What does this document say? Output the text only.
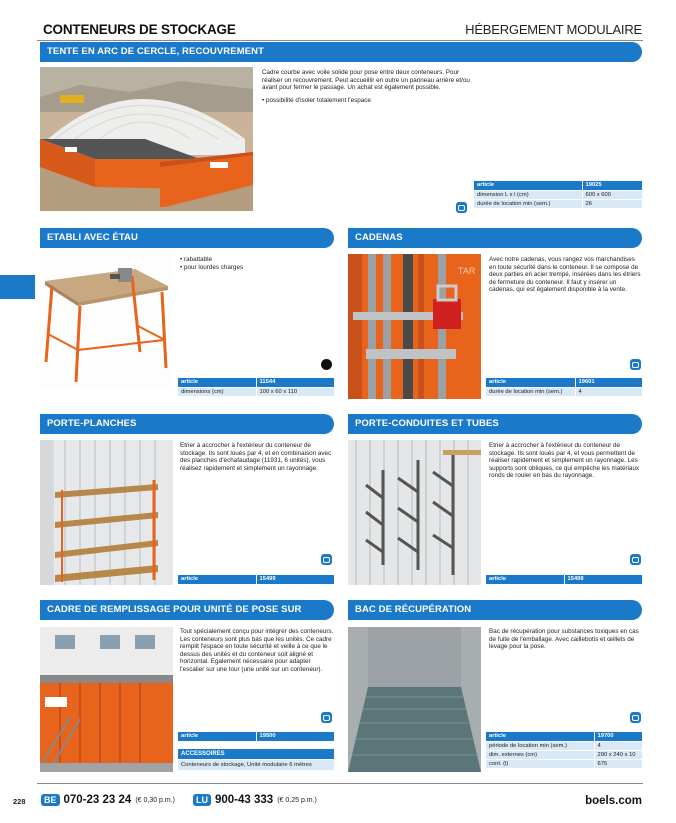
CONTENEURS DE STOCKAGE	HÉBERGEMENT MODULAIRE
TENTE EN ARC DE CERCLE, RECOUVREMENT

Cadre courbe avec voile solide pour pose entre deux conteneurs. Pour réaliser un recouvrement. Peut accueillir en outre un panneau arrière et/ou avant pour fermer le passage. Un achat est également possible.

• possibilité d'isoler totalement l'espace
article	19025
dimension L x l (cm)	600 x 600
durée de location min (sem.)	26
ETABLI AVEC ÉTAU
• rabattable
• pour lourdes charges
article	11544
dimensions (cm)	100 x 60 x 110
CADENAS
TAR
Avec notre cadenas, vous rangez vos marchandises en toute sécurité dans le conteneur. Il se compose de deux parties en acier trempé, insérées dans les étriers de fermeture du conteneur. Il faut y insérer un cadenas, qui est également disponible à la vente.
article	19601
durée de location min (sem.)	4
PORTE-PLANCHES
Etrier à accrocher à l'extérieur du conteneur de stockage. Ils sont loués par 4, et en combinaison avec des planches d'échafaudage (11931, 6 unités), vous réalisez rapidement et simplement un rayonnage.
article	15499
PORTE-CONDUITES ET TUBES
Etrier à accrocher à l'extérieur du conteneur de stockage. Ils sont loués par 4, et vous permettent de réaliser rapidement et simplement un rayonnage. Les supports sont obliques, ce qui empêche les matériaux ronds de rouler en bas du rayonnage.
article	15498
CADRE DE REMPLISSAGE POUR UNITÉ DE POSE SUR
Tout spécialement conçu pour intégrer des conteneurs. Les conteneurs sont plus bas que les unités. Ce cadre remplit l'espace en toute sécurité et veille à ce que le dessus des unités et du conteneur soit aligné et horizontal. Egalement nécessaire pour adapter l'escalier sur une tour (une unité sur un conteneur).
article	19500
ACCESSOIRES
Conteneurs de stockage, Unité modulaire 6 mètres
BAC DE RÉCUPÉRATION
Bac de récupération pour substances toxiques en cas de fuite de l'emballage. Avec caillebotis et œillets de levage pour la pose.
article	19700
période de location min (sem.)	4
dim. externes (cm)	290 x 240 x 10
cont. (l)	675
228	BE 070-23 23 24 (€ 0,30 p.m.)	LU 900-43 333 (€ 0,25 p.m.)	boels.com
